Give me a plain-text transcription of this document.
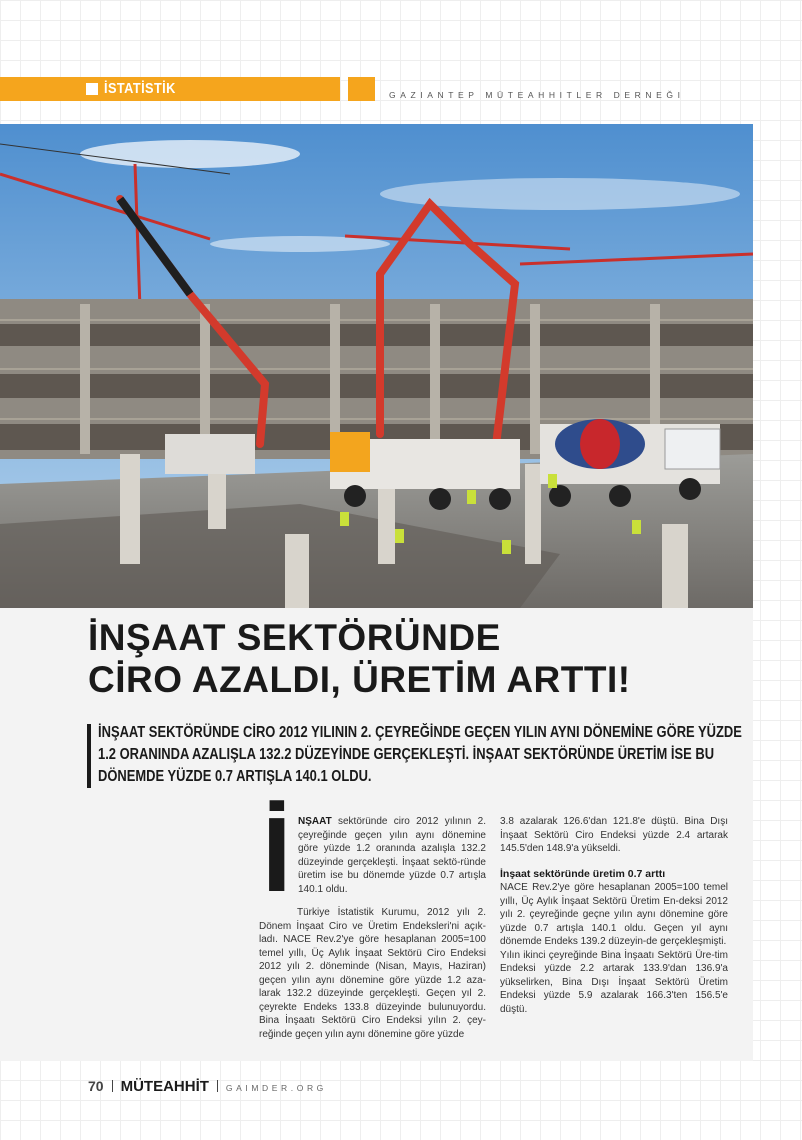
İSTATİSTİK	GAZIANTEP MÜTEAHHITLER DERNEĞI
İNŞAAT SEKTÖRÜNDE
CİRO AZALDI, ÜRETİM ARTTI!

İNŞAAT SEKTÖRÜNDE CİRO 2012 YILININ 2. ÇEYREĞİNDE GEÇEN YILIN AYNI DÖNEMİNE GÖRE YÜZDE 1.2 ORANINDA AZALIŞLA 132.2 DÜZEYİNDE GERÇEKLEŞTİ. İNŞAAT SEKTÖRÜNDE ÜRETİM İSE BU DÖNEMDE YÜZDE 0.7 ARTIŞLA 140.1 OLDU.

İ NŞAAT sektöründe ciro 2012 yılının 2. çeyreğinde geçen yılın aynı dönemine göre yüzde 1.2 oranında azalışla 132.2 düzeyinde gerçekleşti. İnşaat sektö-ründe üretim ise bu dönemde yüzde 0.7 artışla 140.1 oldu.

Türkiye İstatistik Kurumu, 2012 yılı 2. Dönem İnşaat Ciro ve Üretim Endeksleri'ni açık-ladı. NACE Rev.2'ye göre hesaplanan 2005=100 temel yıllı, Üç Aylık İnşaat Sektörü Ciro Endeksi 2012 yılı 2. döneminde (Nisan, Mayıs, Haziran) geçen yılın aynı dönemine göre yüzde 1.2 aza-larak 132.2 düzeyinde gerçekleşti. Geçen yıl 2. çeyrekte Endeks 133.8 düzeyinde bulunuyordu. Bina İnşaatı Sektörü Ciro Endeksi yılın 2. çey-reğinde geçen yılın aynı dönemine göre yüzde

3.8 azalarak 126.6'dan 121.8'e düştü. Bina Dışı İnşaat Sektörü Ciro Endeksi yüzde 2.4 artarak 145.5'den 148.9'a yükseldi.

İnşaat sektöründe üretim 0.7 arttı

NACE Rev.2'ye göre hesaplanan 2005=100 temel yıllı, Üç Aylık İnşaat Sektörü Üretim En-deksi 2012 yılı 2. çeyreğinde geçne yılın aynı dönemine göre yüzde 0.7 artışla 140.1 oldu. Geçen yıl aynı dönemde Endeks 139.2 düzeyin-de gerçekleşmişti.

Yılın ikinci çeyreğinde Bina İnşaatı Sektörü Üre-tim Endeksi yüzde 2.2 artarak 133.9'dan 136.9'a yükselirken, Bina Dışı İnşaat Sektörü Üretim Endeksi yüzde 5.9 azalarak 166.3'ten 156.5'e düştü.

70 MÜTEAHHİT GAIMDER.ORG
